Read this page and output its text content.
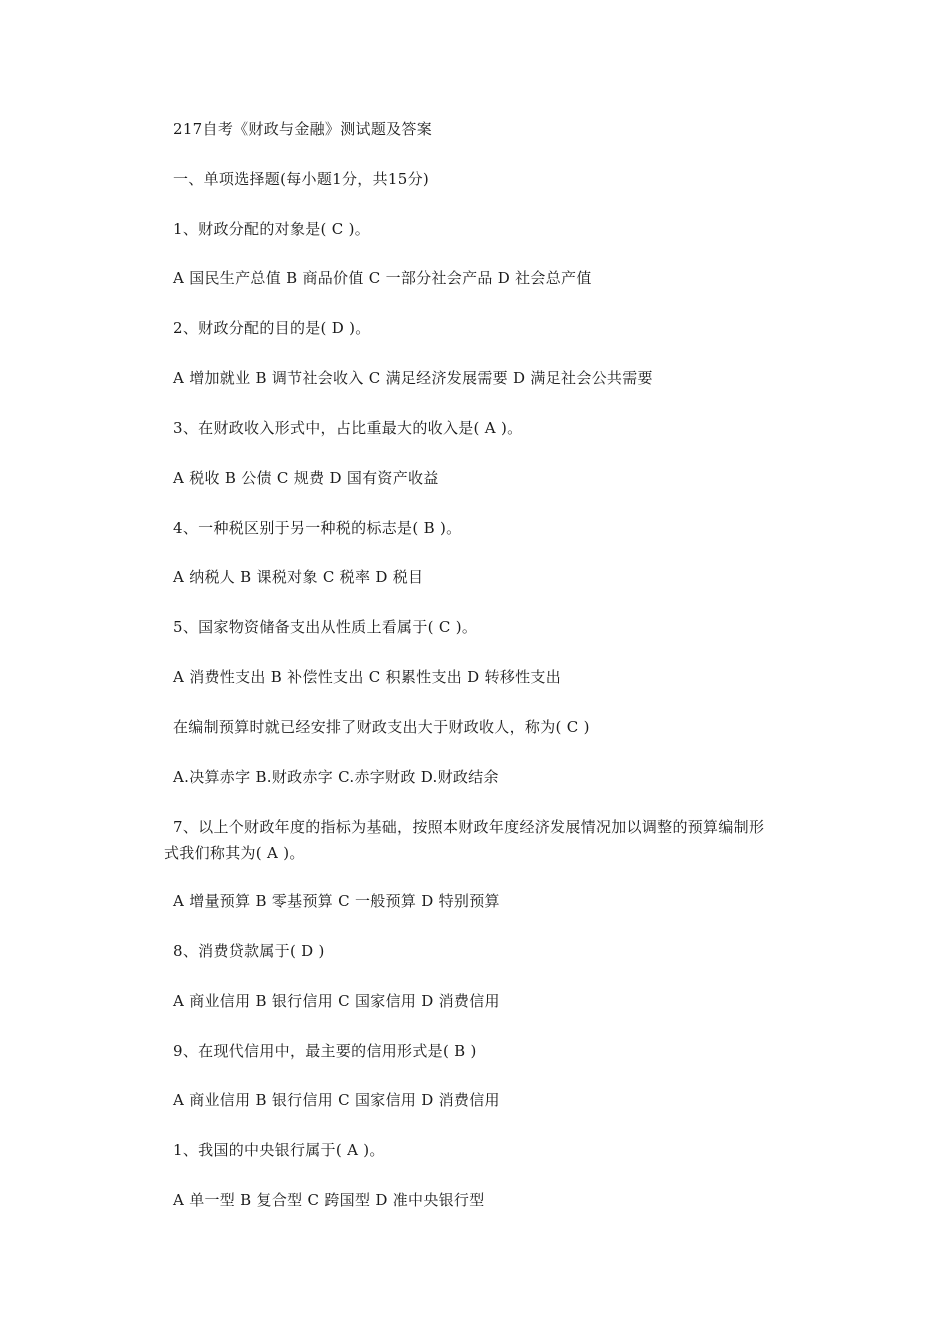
217自考《财政与金融》测试题及答案
一、单项选择题(每小题1分，共15分)
1、财政分配的对象是( C )。
A 国民生产总值 B 商品价值 C 一部分社会产品 D 社会总产值
2、财政分配的目的是( D )。
A 增加就业 B 调节社会收入 C 满足经济发展需要 D 满足社会公共需要
3、在财政收入形式中，占比重最大的收入是( A )。
A 税收 B 公债 C 规费 D 国有资产收益
4、一种税区别于另一种税的标志是( B )。
A 纳税人 B 课税对象 C 税率 D 税目
5、国家物资储备支出从性质上看属于( C )。
A 消费性支出 B 补偿性支出 C 积累性支出 D 转移性支出
在编制预算时就已经安排了财政支出大于财政收人，称为( C )
A.决算赤字 B.财政赤字 C.赤字财政 D.财政结余
7、以上个财政年度的指标为基础，按照本财政年度经济发展情况加以调整的预算编制形
式我们称其为( A )。
A 增量预算 B 零基预算 C 一般预算 D 特别预算
8、消费贷款属于( D )
A 商业信用 B 银行信用 C 国家信用 D 消费信用
9、在现代信用中，最主要的信用形式是( B )
A 商业信用 B 银行信用 C 国家信用 D 消费信用
1、我国的中央银行属于( A )。
A 单一型 B 复合型 C 跨国型 D 准中央银行型
